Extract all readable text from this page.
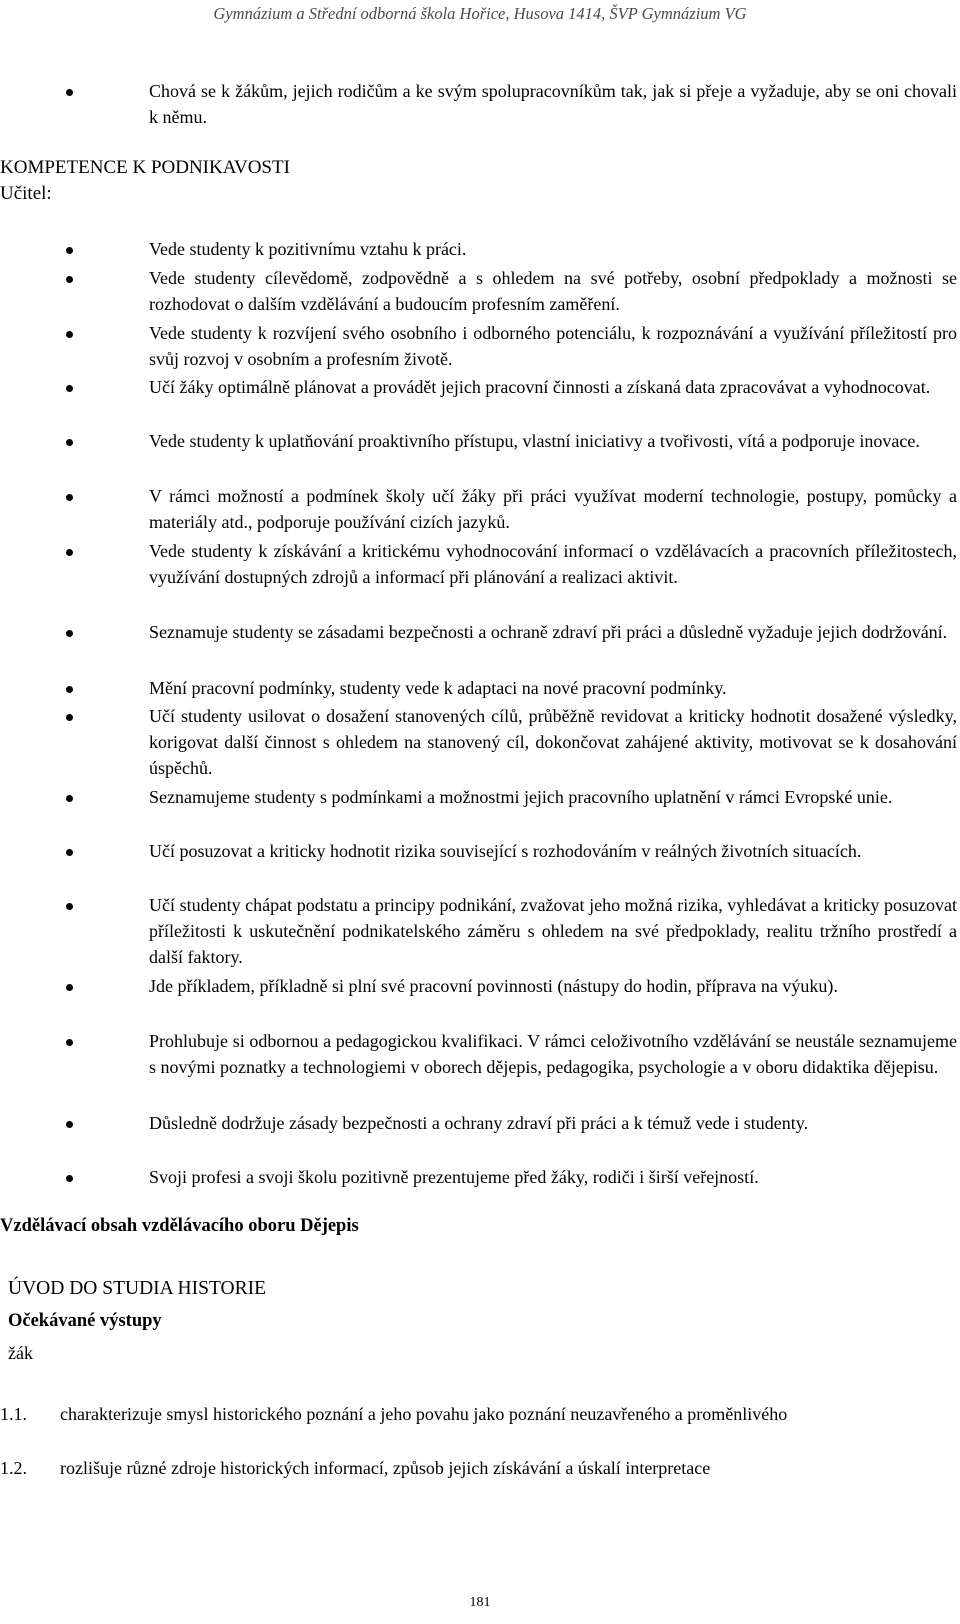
Gymnázium a Střední odborná škola Hořice, Husova 1414, ŠVP Gymnázium VG
Chová se k žákům, jejich rodičům a ke svým spolupracovníkům tak, jak si přeje a vyžaduje, aby se oni chovali k němu.
KOMPETENCE K PODNIKAVOSTI
Učitel:
Vede studenty k pozitivnímu vztahu k práci.
Vede studenty cílevědomě, zodpovědně a s ohledem na své potřeby, osobní předpoklady a možnosti se rozhodovat o dalším vzdělávání a budoucím profesním zaměření.
Vede studenty k rozvíjení svého osobního i odborného potenciálu, k rozpoznávání a využívání příležitostí pro svůj rozvoj v osobním a profesním životě.
Učí žáky optimálně plánovat a provádět jejich pracovní činnosti a získaná data zpracovávat a vyhodnocovat.
Vede studenty k uplatňování proaktivního přístupu, vlastní iniciativy a tvořivosti, vítá a podporuje inovace.
V rámci možností a podmínek školy učí žáky při práci využívat moderní technologie, postupy, pomůcky a materiály atd., podporuje používání cizích jazyků.
Vede studenty k získávání a kritickému vyhodnocování informací o vzdělávacích a pracovních příležitostech, využívání dostupných zdrojů a informací při plánování a realizaci aktivit.
Seznamuje studenty se zásadami bezpečnosti a ochraně zdraví při práci a důsledně vyžaduje jejich dodržování.
Mění pracovní podmínky, studenty vede k adaptaci na nové pracovní podmínky.
Učí studenty usilovat o dosažení stanovených cílů, průběžně revidovat a kriticky hodnotit dosažené výsledky, korigovat další činnost s ohledem na stanovený cíl, dokončovat zahájené aktivity, motivovat se k dosahování úspěchů.
Seznamujeme studenty s podmínkami a možnostmi jejich pracovního uplatnění v rámci Evropské unie.
Učí posuzovat a kriticky hodnotit rizika související s rozhodováním v reálných životních situacích.
Učí studenty chápat podstatu a principy podnikání, zvažovat jeho možná rizika, vyhledávat a kriticky posuzovat příležitosti k uskutečnění podnikatelského záměru s ohledem na své předpoklady, realitu tržního prostředí a další faktory.
Jde příkladem, příkladně si plní své pracovní povinnosti (nástupy do hodin, příprava na výuku).
Prohlubuje si odbornou a pedagogickou kvalifikaci. V rámci celoživotního vzdělávání se neustále seznamujeme s novými poznatky a technologiemi v oborech dějepis, pedagogika, psychologie a v oboru didaktika dějepisu.
Důsledně dodržuje zásady bezpečnosti a ochrany zdraví při práci a k témuž vede i studenty.
Svoji profesi a svoji školu pozitivně prezentujeme před žáky, rodiči i širší veřejností.
Vzdělávací obsah vzdělávacího oboru Dějepis
ÚVOD DO STUDIA HISTORIE
Očekávané výstupy
žák
1.1. charakterizuje smysl historického poznání a jeho povahu jako poznání neuzavřeného a proměnlivého
1.2. rozlišuje různé zdroje historických informací, způsob jejich získávání a úskalí interpretace
181
